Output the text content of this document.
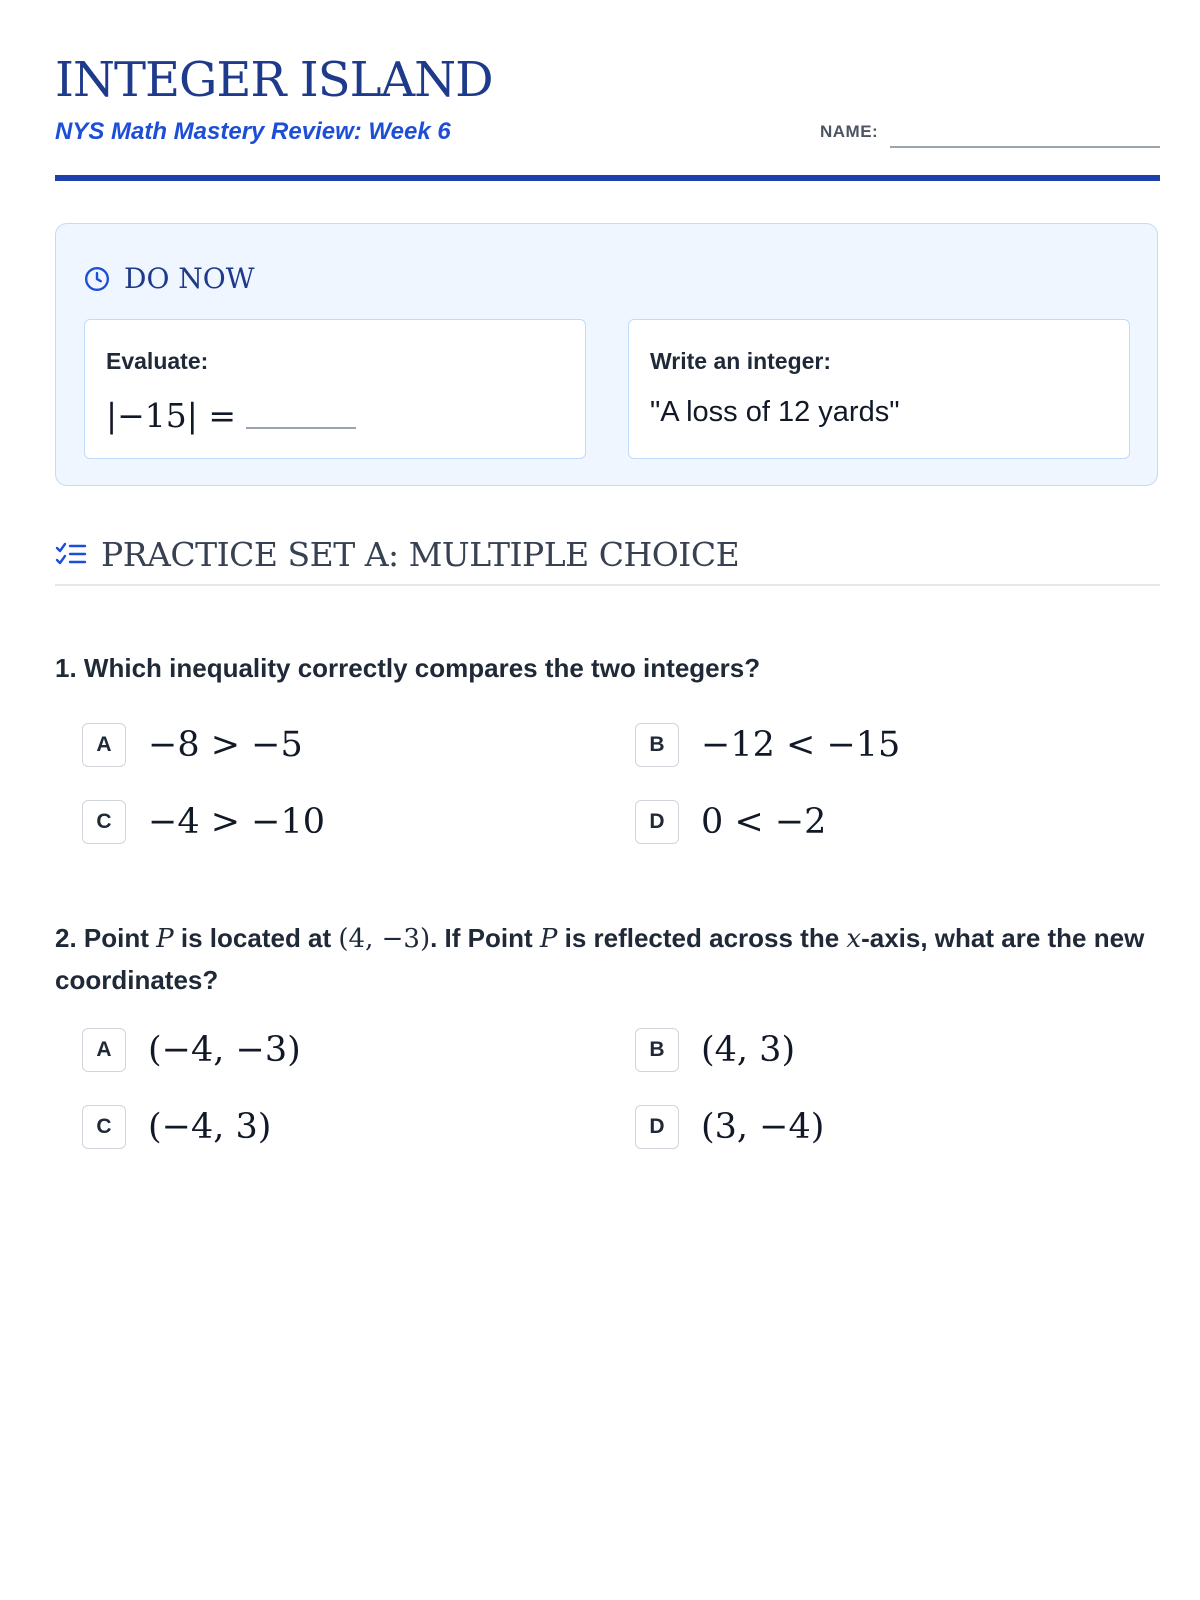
INTEGER ISLAND
NYS Math Mastery Review: Week 6	NAME:
DO NOW
Evaluate:
|−15| =
Write an integer:
"A loss of 12 yards"
PRACTICE SET A: MULTIPLE CHOICE
1. Which inequality correctly compares the two integers?
A	−8 > −5	B	−12 < −15
C	−4 > −10	D	0 < −2
2. Point P is located at (4, −3). If Point P is reflected across the x-axis, what are the new coordinates?
A	(−4, −3)	B	(4, 3)
C	(−4, 3)	D	(3, −4)
